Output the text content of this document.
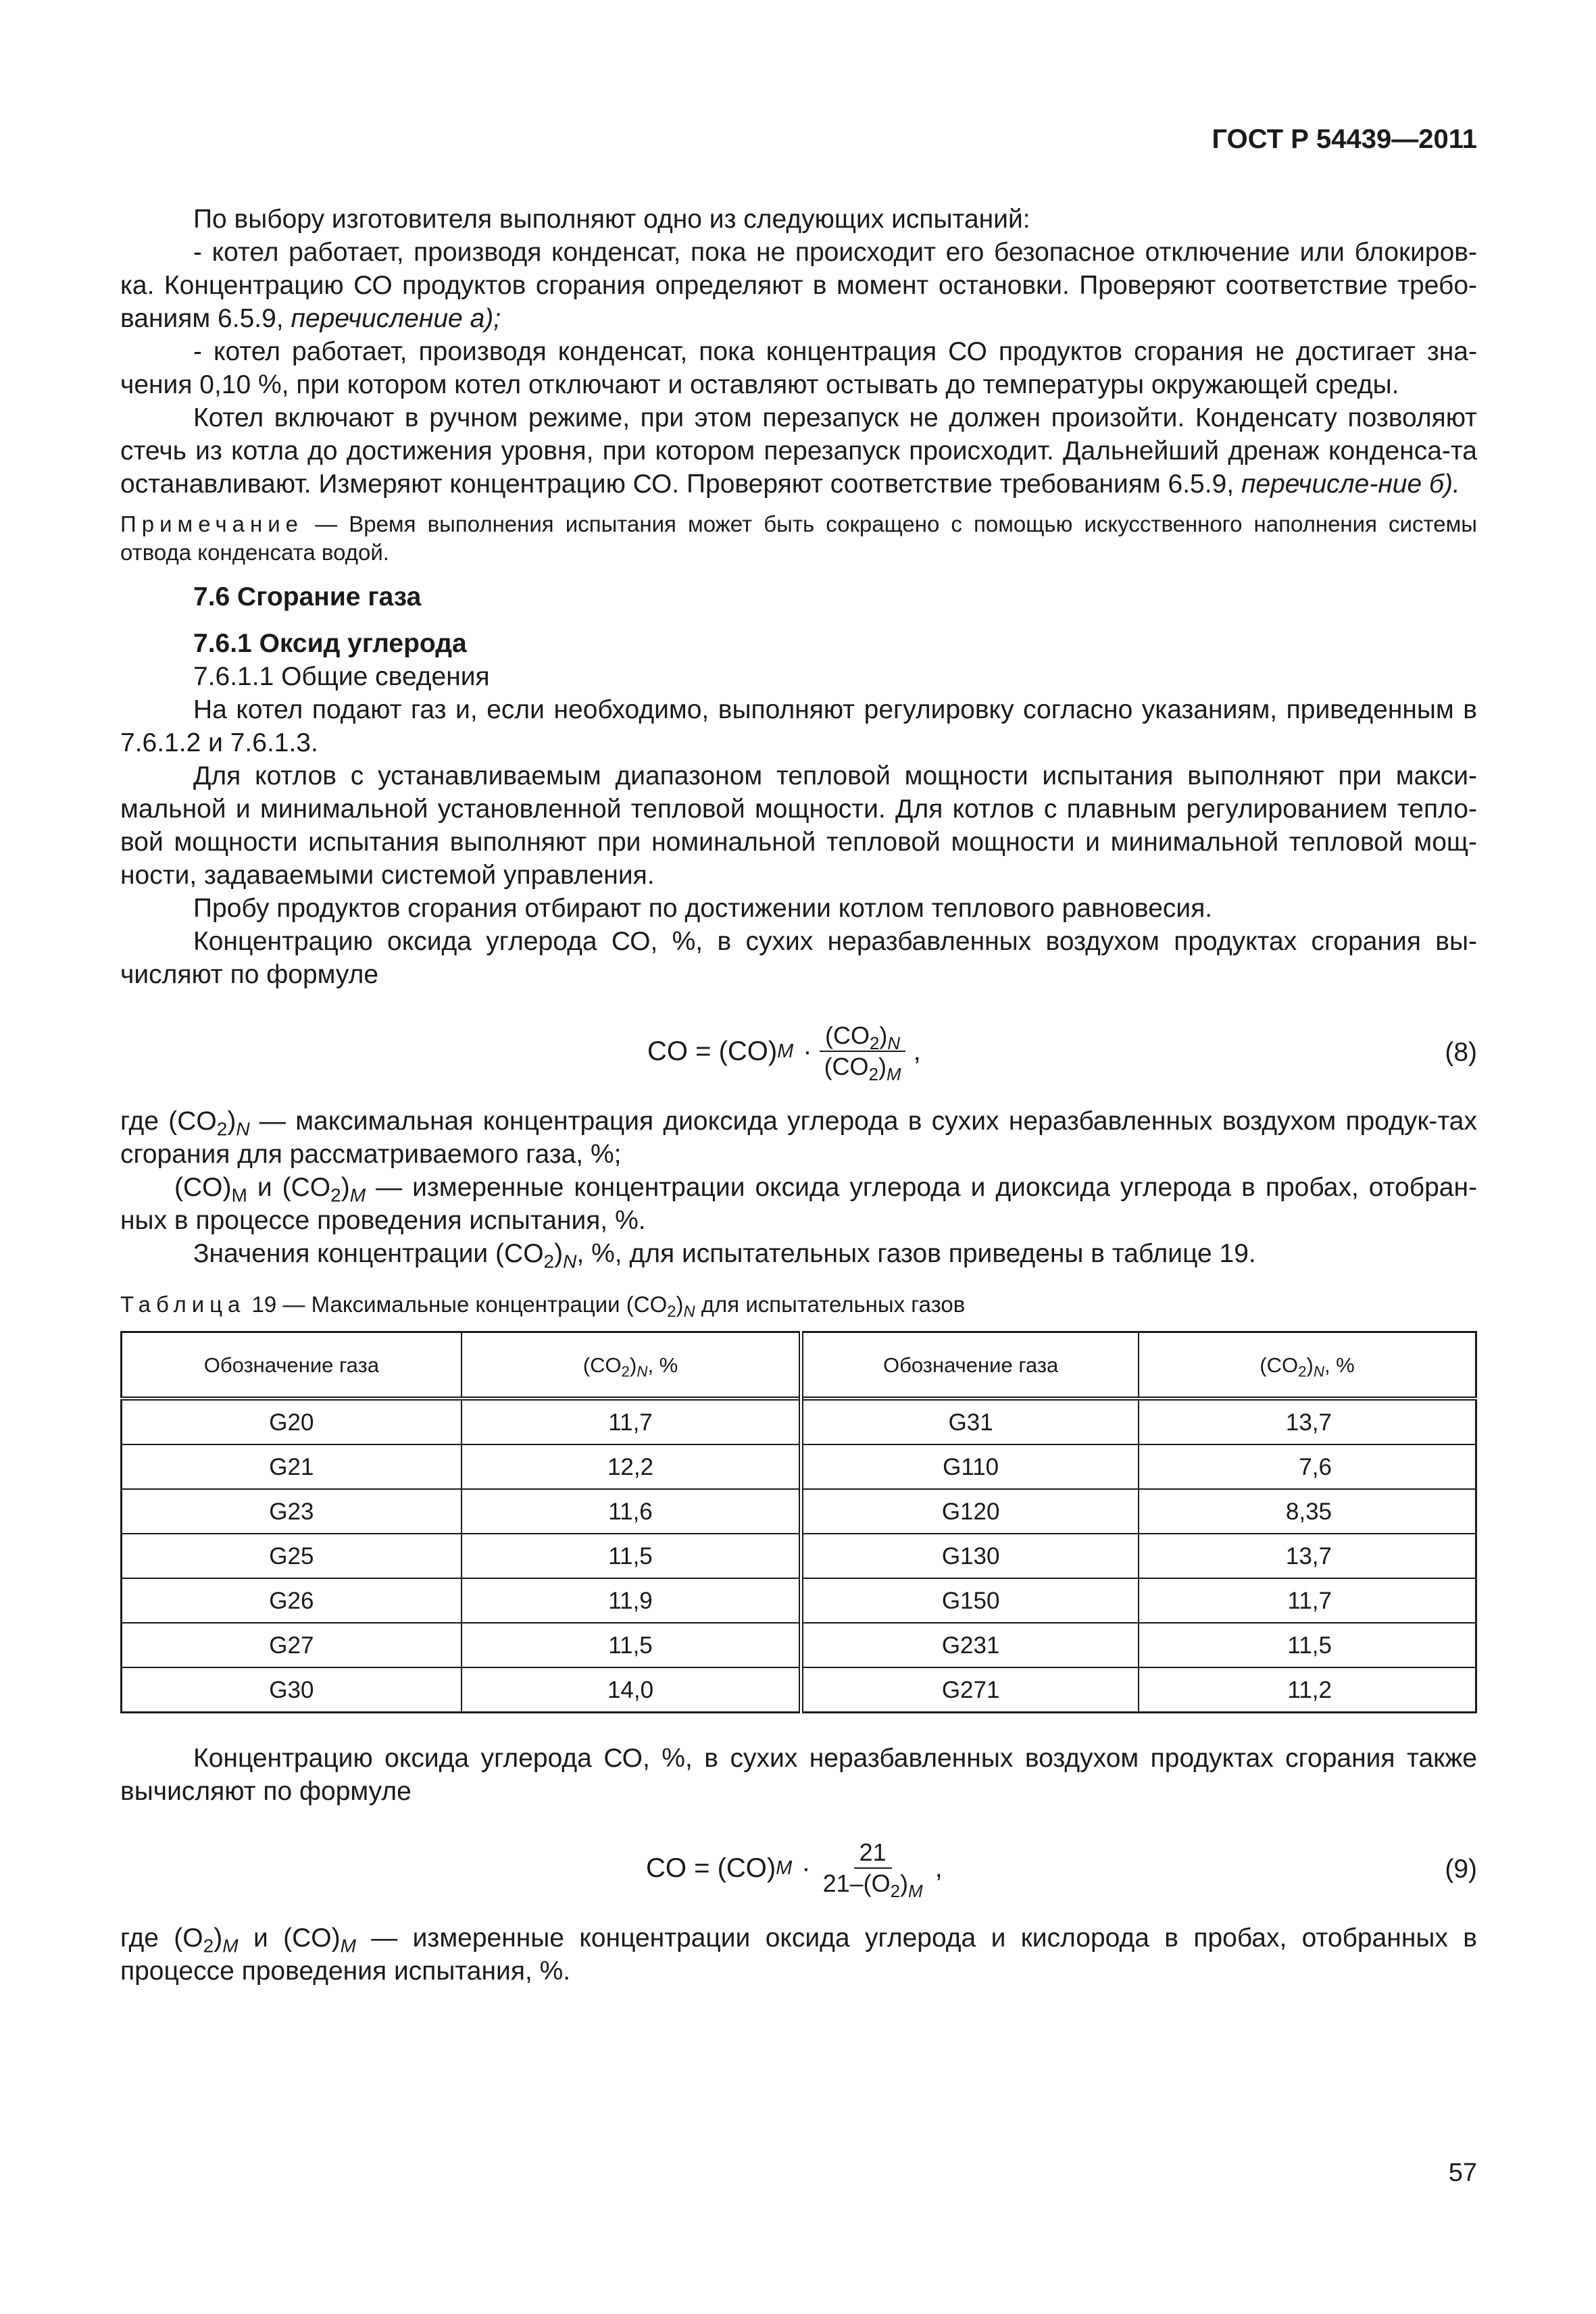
ГОСТ Р 54439—2011

По выбору изготовителя выполняют одно из следующих испытаний:

- котел работает, производя конденсат, пока не происходит его безопасное отключение или блокиров-ка. Концентрацию СО продуктов сгорания определяют в момент остановки. Проверяют соответствие требо-ваниям 6.5.9, перечисление а);

- котел работает, производя конденсат, пока концентрация СО продуктов сгорания не достигает зна-чения 0,10 %, при котором котел отключают и оставляют остывать до температуры окружающей среды.

Котел включают в ручном режиме, при этом перезапуск не должен произойти. Конденсату позволяют стечь из котла до достижения уровня, при котором перезапуск происходит. Дальнейший дренаж конденса-та останавливают. Измеряют концентрацию СО. Проверяют соответствие требованиям 6.5.9, перечисле-ние б).

Примечание — Время выполнения испытания может быть сокращено с помощью искусственного наполнения системы отвода конденсата водой.

7.6 Сгорание газа
7.6.1 Оксид углерода
7.6.1.1 Общие сведения

На котел подают газ и, если необходимо, выполняют регулировку согласно указаниям, приведенным в 7.6.1.2 и 7.6.1.3.

Для котлов с устанавливаемым диапазоном тепловой мощности испытания выполняют при макси-мальной и минимальной установленной тепловой мощности. Для котлов с плавным регулированием тепло-вой мощности испытания выполняют при номинальной тепловой мощности и минимальной тепловой мощ-ности, задаваемыми системой управления.

Пробу продуктов сгорания отбирают по достижении котлом теплового равновесия.

Концентрацию оксида углерода СО, %, в сухих неразбавленных воздухом продуктах сгорания вы-числяют по формуле

CO = (CO) $M \cdot \frac{(CO_2)_N}{(CO_2)_M}$ ,	(8)

где $(CO_2)_N$ — максимальная концентрация диоксида углерода в сухих неразбавленных воздухом продук-тах сгорания для рассматриваемого газа, %;

$(CO)_M$ и $(CO_2)_M$ — измеренные концентрации оксида углерода и диоксида углерода в пробах, отобран-ных в процессе проведения испытания, %.

Значения концентрации $(CO_2)_N$, %, для испытательных газов приведены в таблице 19.

Таблица 19 — Максимальные концентрации $(CO_2)_N$ для испытательных газов
Обозначение газа	$(CO_2)_N$, %	Обозначение газа	$(CO_2)_N$, %
G20	11,7	G31	13,7
G21	12,2	G110	7,6
G23	11,6	G120	8,35
G25	11,5	G130	13,7
G26	11,9	G150	11,7
G27	11,5	G231	11,5
G30	14,0	G271	11,2

Концентрацию оксида углерода СО, %, в сухих неразбавленных воздухом продуктах сгорания также вычисляют по формуле

CO = (CO) $M \cdot \frac{21}{21-(O_2)_M}$ ,	(9)

где $(O_2)_M$ и $(CO)_M$ — измеренные концентрации оксида углерода и кислорода в пробах, отобранных в процессе проведения испытания, %.

57
